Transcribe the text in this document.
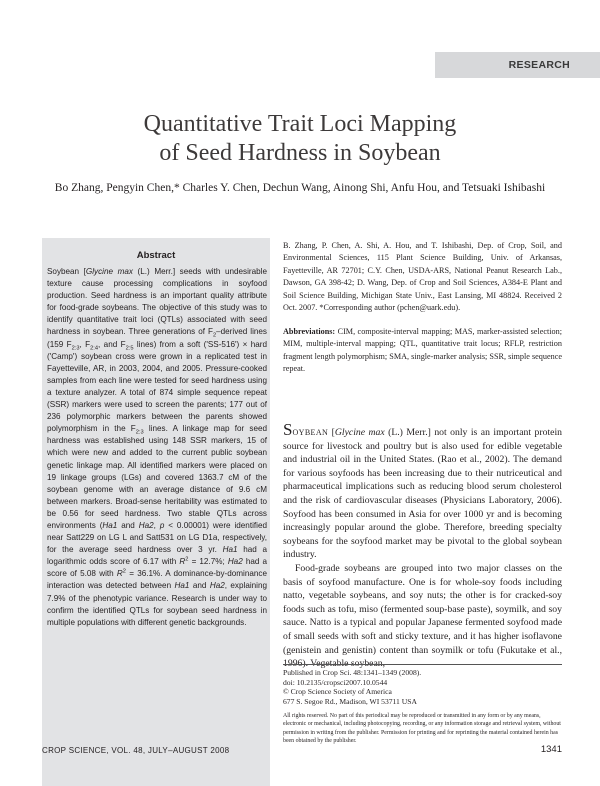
RESEARCH
Quantitative Trait Loci Mapping
of Seed Hardness in Soybean
Bo Zhang, Pengyin Chen,* Charles Y. Chen, Dechun Wang, Ainong Shi, Anfu Hou, and Tetsuaki Ishibashi
Abstract

Soybean [Glycine max (L.) Merr.] seeds with undesirable texture cause processing complications in soyfood production. Seed hardness is an important quality attribute for food-grade soybeans. The objective of this study was to identify quantitative trait loci (QTLs) associated with seed hardness in soybean. Three generations of $F_2$–derived lines (159 $F_{2:3}$, $F_{2:4}$, and $F_{2:5}$ lines) from a soft ('SS-516') × hard ('Camp') soybean cross were grown in a replicated test in Fayetteville, AR, in 2003, 2004, and 2005. Pressure-cooked samples from each line were tested for seed hardness using a texture analyzer. A total of 874 simple sequence repeat (SSR) markers were used to screen the parents; 177 out of 236 polymorphic markers between the parents showed polymorphism in the $F_{2:3}$ lines. A linkage map for seed hardness was established using 148 SSR markers, 15 of which were new and added to the current public soybean genetic linkage map. All identified markers were placed on 19 linkage groups (LGs) and covered 1363.7 cM of the soybean genome with an average distance of 9.6 cM between markers. Broad-sense heritability was estimated to be 0.56 for seed hardness. Two stable QTLs across environments (Ha1 and Ha2, p < 0.00001) were identified near Satt229 on LG L and Satt531 on LG D1a, respectively, for the average seed hardness over 3 yr. Ha1 had a logarithmic odds score of 6.17 with $R^2 = 12.7\%$; Ha2 had a score of 5.08 with $R^2 = 36.1\%$. A dominance-by-dominance interaction was detected between Ha1 and Ha2, explaining 7.9% of the phenotypic variance. Research is under way to confirm the identified QTLs for soybean seed hardness in multiple populations with different genetic backgrounds.

B. Zhang, P. Chen, A. Shi, A. Hou, and T. Ishibashi, Dep. of Crop, Soil, and Environmental Sciences, 115 Plant Science Building, Univ. of Arkansas, Fayetteville, AR 72701; C.Y. Chen, USDA-ARS, National Peanut Research Lab., Dawson, GA 398-42; D. Wang, Dep. of Crop and Soil Sciences, A384-E Plant and Soil Science Building, Michigan State Univ., East Lansing, MI 48824. Received 2 Oct. 2007. *Corresponding author (pchen@uark.edu).
Abbreviations: CIM, composite-interval mapping; MAS, marker-assisted selection; MIM, multiple-interval mapping; QTL, quantitative trait locus; RFLP, restriction fragment length polymorphism; SMA, single-marker analysis; SSR, simple sequence repeat.

SOYBEAN [Glycine max (L.) Merr.] not only is an important protein source for livestock and poultry but is also used for edible vegetable and industrial oil in the United States. (Rao et al., 2002). The demand for various soyfoods has been increasing due to their nutriceutical and pharmaceutical implications such as reducing blood serum cholesterol and the risk of cardiovascular diseases (Physicians Laboratory, 2006). Soyfood has been consumed in Asia for over 1000 yr and is becoming increasingly popular around the globe. Therefore, breeding specialty soybeans for the soyfood market may be pivotal to the global soybean industry.

Food-grade soybeans are grouped into two major classes on the basis of soyfood manufacture. One is for whole-soy foods including natto, vegetable soybeans, and soy nuts; the other is for cracked-soy foods such as tofu, miso (fermented soup-base paste), soymilk, and soy sauce. Natto is a typical and popular Japanese fermented soyfood made of small seeds with soft and sticky texture, and it has higher isoflavone (genistein and genistin) content than soymilk or tofu (Fukutake et al., 1996). Vegetable soybean,

Published in Crop Sci. 48:1341–1349 (2008).

doi: 10.2135/cropsci2007.10.0544

© Crop Science Society of America

677 S. Segoe Rd., Madison, WI 53711 USA

All rights reserved. No part of this periodical may be reproduced or transmitted in any form or by any means, electronic or mechanical, including photocopying, recording, or any information storage and retrieval system, without permission in writing from the publisher. Permission for printing and for reprinting the material contained herein has been obtained by the publisher.
CROP SCIENCE, VOL. 48, JULY–AUGUST 2008	1341
